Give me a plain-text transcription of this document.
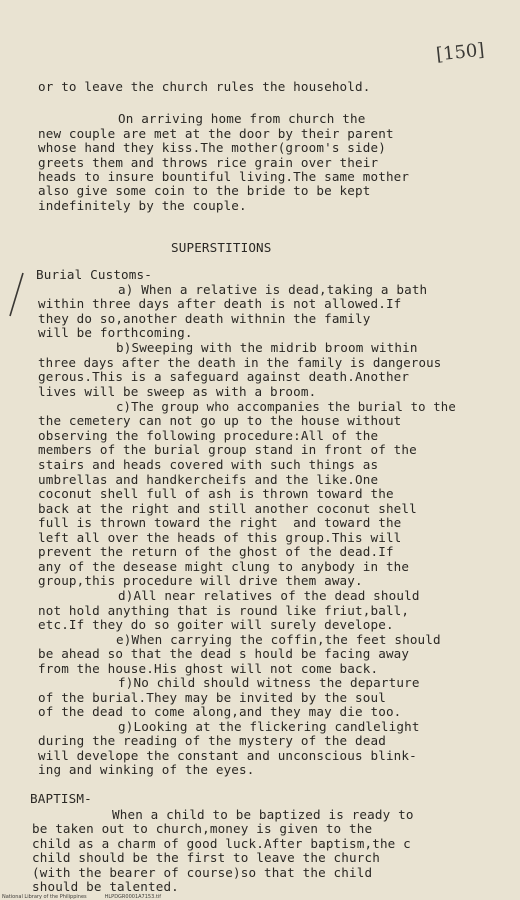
[150]
or to leave the church rules the household.
On arriving home from church the
new couple are met at the door by their parent
whose hand they kiss.The mother(groom's side)
greets them and throws rice grain over their
heads to insure bountiful living.The same mother
also give some coin to the bride to be kept
indefinitely by the couple.
SUPERSTITIONS
Burial Customs-
a) When a relative is dead,taking a bath
within three days after death is not allowed.If
they do so,another death withnin the family
will be forthcoming.
b)Sweeping with the midrib broom within
three days after the death in the family is dangerous
gerous.This is a safeguard against death.Another
lives will be sweep as with a broom.
c)The group who accompanies the burial to the
the cemetery can not go up to the house without
observing the following procedure:All of the
members of the burial group stand in front of the
stairs and heads covered with such things as
umbrellas and handkercheifs and the like.One
coconut shell full of ash is thrown toward the
back at the right and still another coconut shell
full is thrown toward the right  and toward the
left all over the heads of this group.This will
prevent the return of the ghost of the dead.If
any of the desease might clung to anybody in the
group,this procedure will drive them away.
d)All near relatives of the dead should
not hold anything that is round like friut,ball,
etc.If they do so goiter will surely develope.
e)When carrying the coffin,the feet should
be ahead so that the dead s hould be facing away
from the house.His ghost will not come back.
f)No child should witness the departure
of the burial.They may be invited by the soul
of the dead to come along,and they may die too.
g)Looking at the flickering candlelight
during the reading of the mystery of the dead
will develope the constant and unconscious blink-
ing and winking of the eyes.
BAPTISM-
When a child to be baptized is ready to
be taken out to church,money is given to the
child as a charm of good luck.After baptism,the c
child should be the first to leave the church
(with the bearer of course)so that the child
should be talented.
National Library of the Philippines	HLPDGR0001A7153.tif
